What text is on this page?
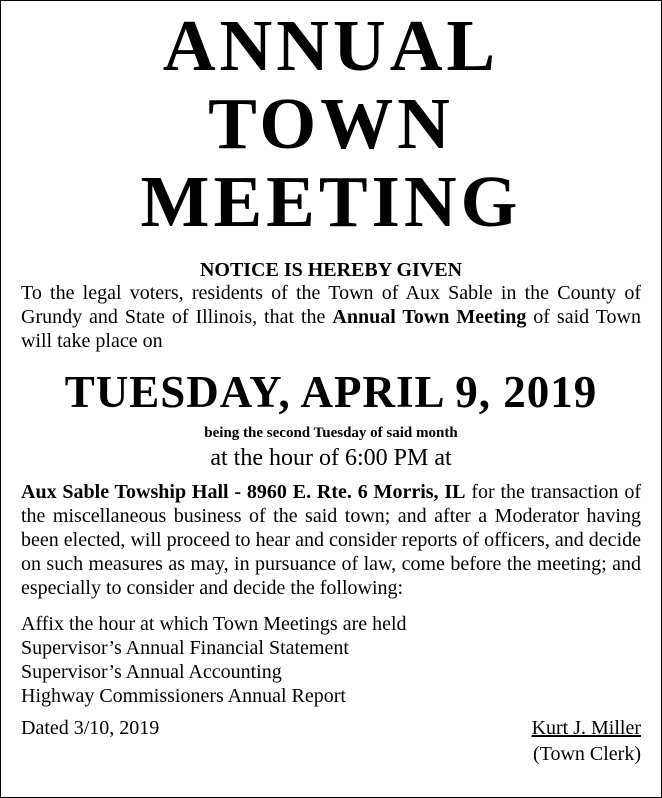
ANNUAL
TOWN MEETING
NOTICE IS HEREBY GIVEN

To the legal voters, residents of the Town of Aux Sable in the County of Grundy and State of Illinois, that the Annual Town Meeting of said Town will take place on

TUESDAY, APRIL 9, 2019
being the second Tuesday of said month
at the hour of 6:00 PM at

Aux Sable Towship Hall - 8960 E. Rte. 6 Morris, IL for the transaction of the miscellaneous business of the said town; and after a Moderator having been elected, will proceed to hear and consider reports of officers, and decide on such measures as may, in pursuance of law, come before the meeting; and especially to consider and decide the following:

Affix the hour at which Town Meetings are held
Supervisor’s Annual Financial Statement
Supervisor’s Annual Accounting
Highway Commissioners Annual Report
Dated 3/10, 2019	Kurt J. Miller
(Town Clerk)
